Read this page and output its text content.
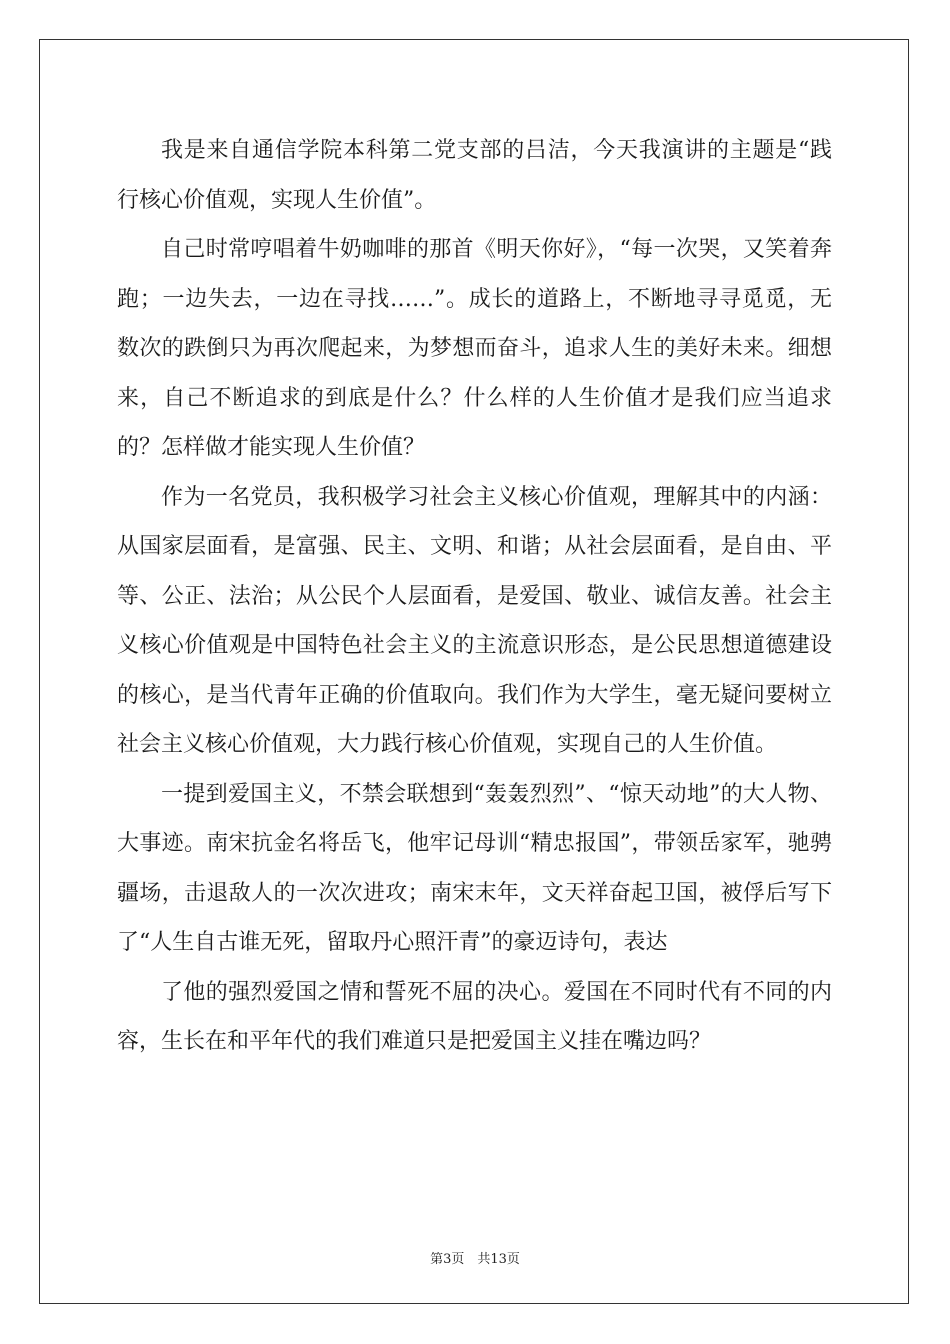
我是来自通信学院本科第二党支部的吕洁，今天我演讲的主题是“践行核心价值观，实现人生价值”。

自己时常哼唱着牛奶咖啡的那首《明天你好》，“每一次哭，又笑着奔跑；一边失去，一边在寻找……”。成长的道路上，不断地寻寻觅觅，无数次的跌倒只为再次爬起来，为梦想而奋斗，追求人生的美好未来。细想来，自己不断追求的到底是什么？什么样的人生价值才是我们应当追求的？怎样做才能实现人生价值？

作为一名党员，我积极学习社会主义核心价值观，理解其中的内涵：从国家层面看，是富强、民主、文明、和谐；从社会层面看，是自由、平等、公正、法治；从公民个人层面看，是爱国、敬业、诚信友善。社会主义核心价值观是中国特色社会主义的主流意识形态，是公民思想道德建设的核心，是当代青年正确的价值取向。我们作为大学生，毫无疑问要树立社会主义核心价值观，大力践行核心价值观，实现自己的人生价值。

一提到爱国主义，不禁会联想到“轰轰烈烈”、“惊天动地”的大人物、大事迹。南宋抗金名将岳飞，他牢记母训“精忠报国”，带领岳家军，驰骋疆场，击退敌人的一次次进攻；南宋末年，文天祥奋起卫国，被俘后写下了“人生自古谁无死，留取丹心照汗青”的豪迈诗句，表达

了他的强烈爱国之情和誓死不屈的决心。爱国在不同时代有不同的内容，生长在和平年代的我们难道只是把爱国主义挂在嘴边吗？

第3页　共13页
